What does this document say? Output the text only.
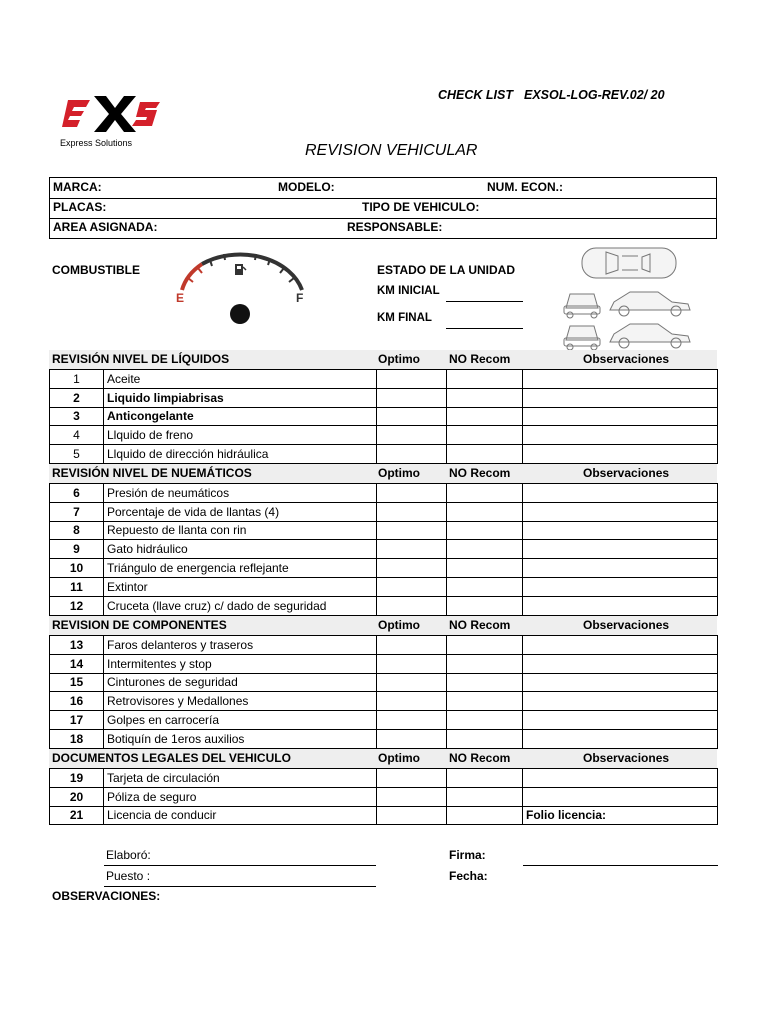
Express Solutions
CHECK LIST EXSOL-LOG-REV.02/ 20
REVISION VEHICULAR
MARCA:	MODELO:	NUM. ECON.:
PLACAS:	TIPO DE VEHICULO:
AREA ASIGNADA:	RESPONSABLE:
COMBUSTIBLE
E	F
ESTADO DE LA UNIDAD
KM INICIAL
KM FINAL
REVISIÓN NIVEL DE LÍQUIDOS	Optimo NO Recom	Observaciones
1	Aceite			
2	Liquido limpiabrisas			
3	Anticongelante			
4	Llquido de freno			
5	Llquido de dirección hidráulica			
REVISIÓN NIVEL DE NUEMÁTICOS	Optimo NO Recom	Observaciones
6	Presión de neumáticos			
7	Porcentaje de vida de llantas (4)			
8	Repuesto de llanta con rin			
9	Gato hidráulico			
10	Triángulo de energencia reflejante			
11	Extintor			
12	Cruceta (llave cruz) c/ dado de seguridad			
REVISION DE COMPONENTES	Optimo NO Recom	Observaciones
13	Faros delanteros y traseros			
14	Intermitentes y stop			
15	Cinturones de seguridad			
16	Retrovisores y Medallones			
17	Golpes en carrocería			
18	Botiquín de 1eros auxilios			
DOCUMENTOS LEGALES DEL VEHICULO	Optimo NO Recom	Observaciones
19	Tarjeta de circulación			
20	Póliza de seguro			
21	Licencia de conducir			Folio licencia:
Elaboró:
Puesto :
Firma:
Fecha:
OBSERVACIONES:
